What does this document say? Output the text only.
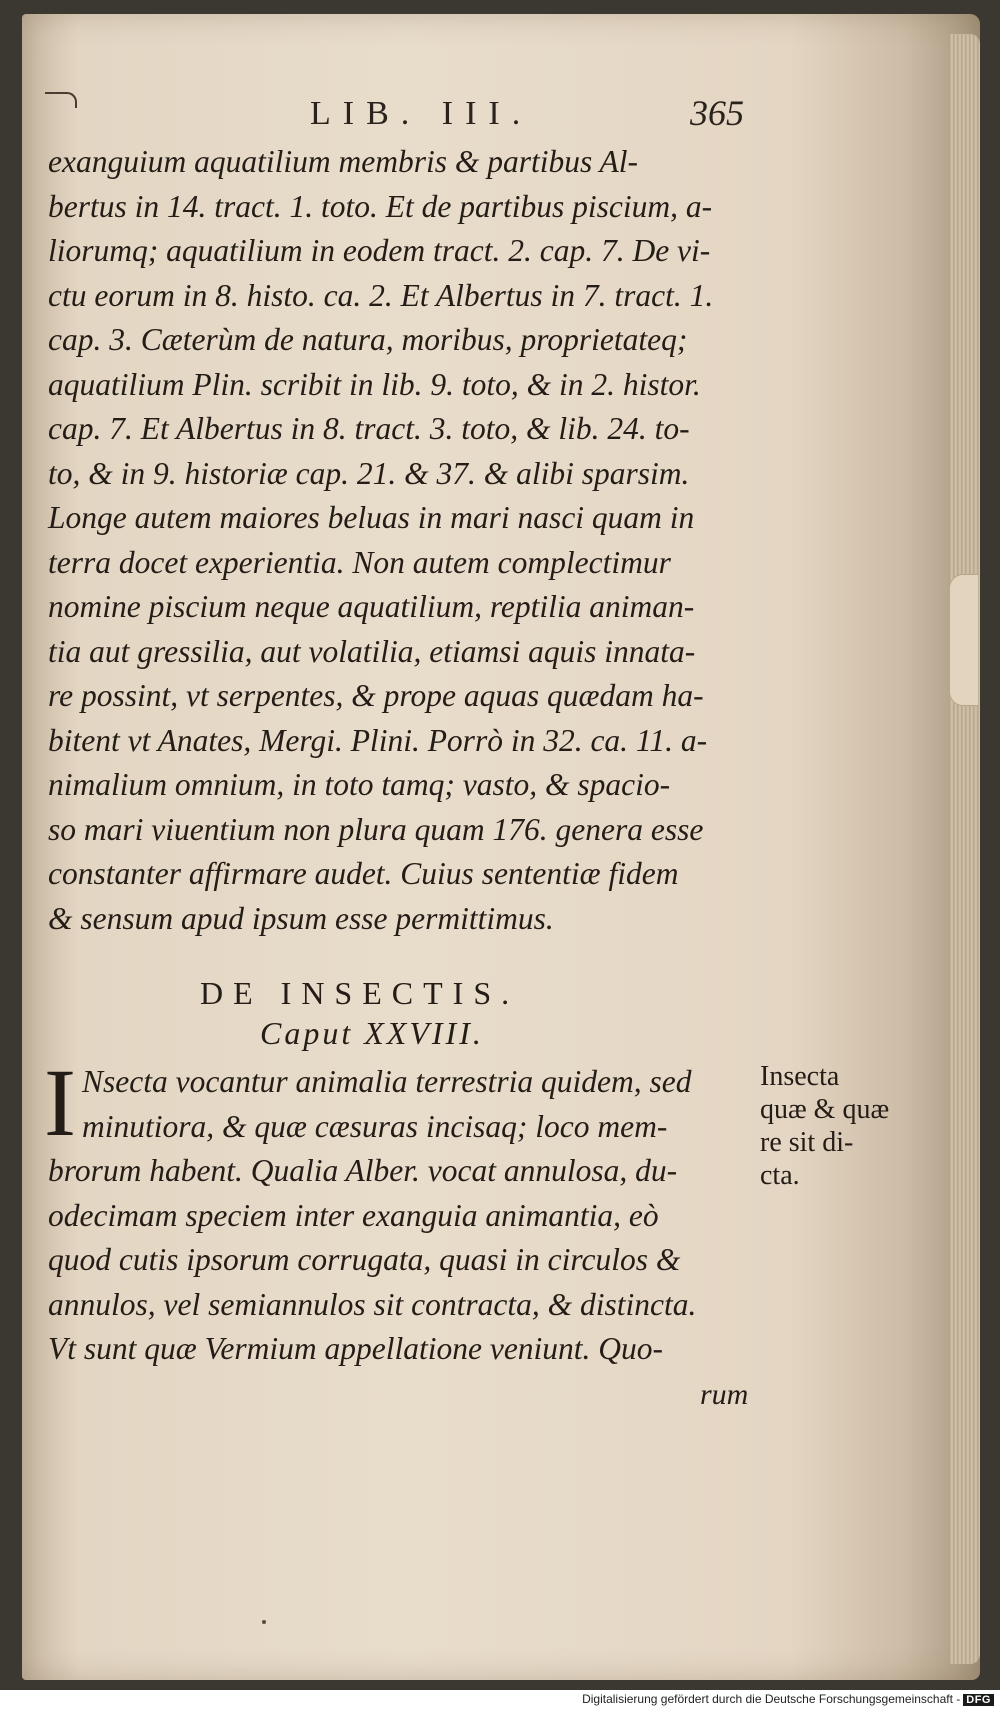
LIB. III.	365
exanguium aquatilium membris & partibus Al-
bertus in 14. tract. 1. toto. Et de partibus piscium, a-
liorumq; aquatilium in eodem tract. 2. cap. 7. De vi-
ctu eorum in 8. histo. ca. 2. Et Albertus in 7. tract. 1.
cap. 3. Cæterùm de natura, moribus, proprietateq;
aquatilium Plin. scribit in lib. 9. toto, & in 2. histor.
cap. 7. Et Albertus in 8. tract. 3. toto, & lib. 24. to-
to, & in 9. historiæ cap. 21. & 37. & alibi sparsim.
Longe autem maiores beluas in mari nasci quam in
terra docet experientia. Non autem complectimur
nomine piscium neque aquatilium, reptilia animan-
tia aut gressilia, aut volatilia, etiamsi aquis innata-
re possint, vt serpentes, & prope aquas quædam ha-
bitent vt Anates, Mergi. Plini. Porrò in 32. ca. 11. a-
nimalium omnium, in toto tamq; vasto, & spacio-
so mari viuentium non plura quam 176. genera esse
constanter affirmare audet. Cuius sententiæ fidem
& sensum apud ipsum esse permittimus.
DE INSECTIS.
Caput XXVIII.
I Nsecta vocantur animalia terrestria quidem, sed
minutiora, & quæ cæsuras incisaq; loco mem-
brorum habent. Qualia Alber. vocat annulosa, du-
odecimam speciem inter exanguia animantia, eò
quod cutis ipsorum corrugata, quasi in circulos &
annulos, vel semiannulos sit contracta, & distincta.
Vt sunt quæ Vermium appellatione veniunt. Quo-
rum
Insecta
quæ & quæ
re sit di-
cta.
Digitalisierung gefördert durch die Deutsche Forschungsgemeinschaft - DFG
